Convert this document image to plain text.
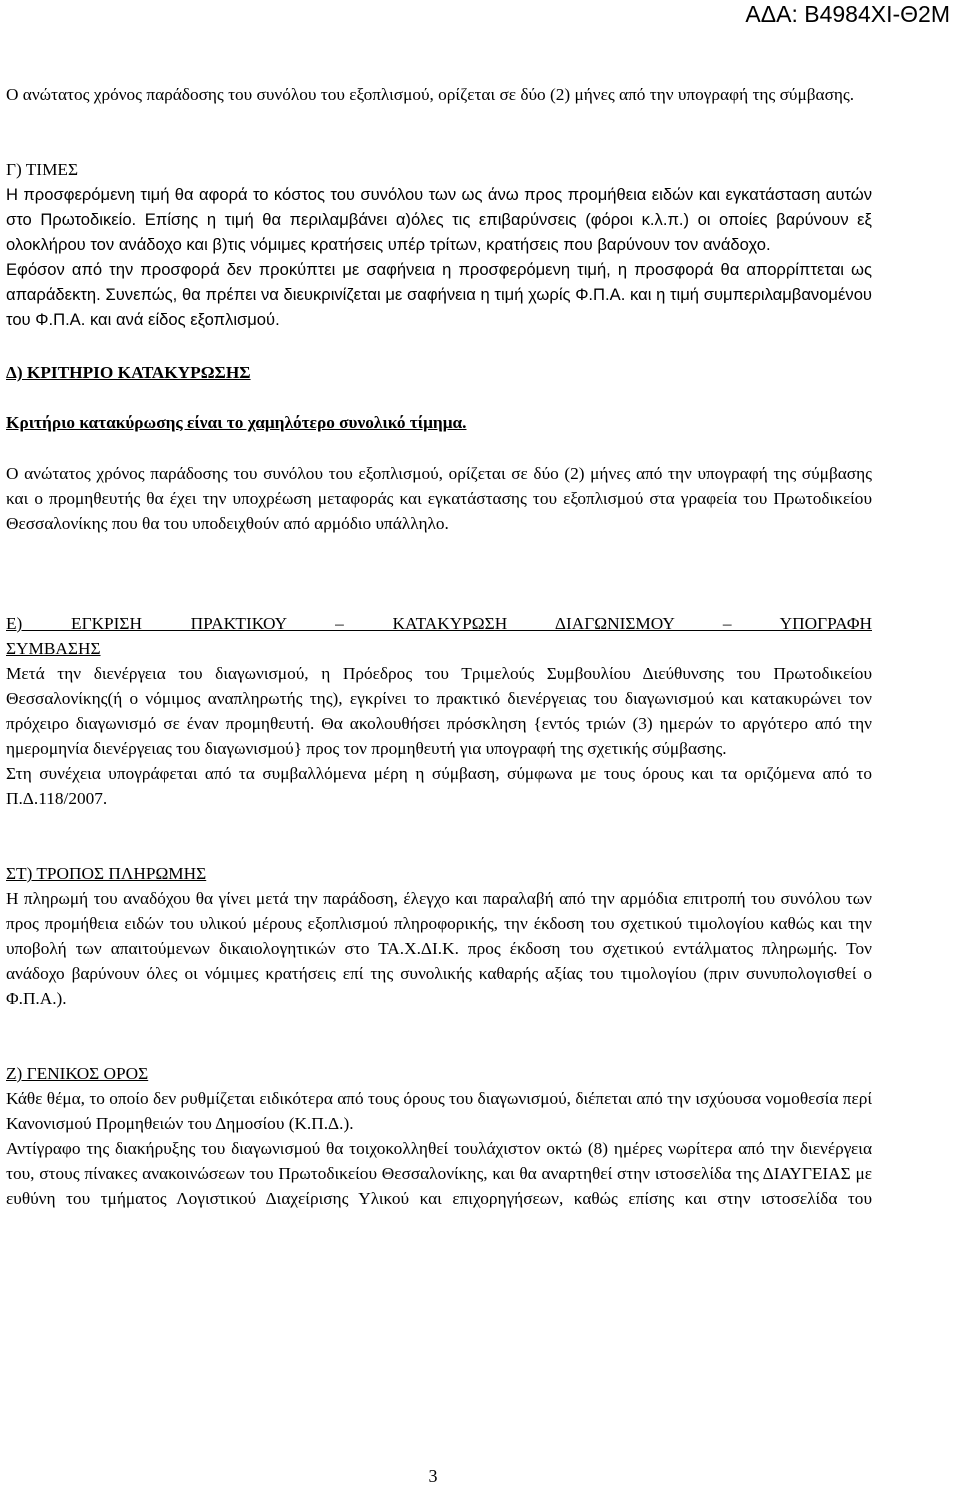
ΑΔΑ: Β4984ΧΙ-Θ2Μ

Ο ανώτατος χρόνος παράδοσης του συνόλου του εξοπλισμού, ορίζεται σε δύο (2) μήνες από την υπογραφή της σύμβασης.

Γ) ΤΙΜΕΣ

Η προσφερόμενη τιμή θα αφορά το κόστος του συνόλου των ως άνω προς προμήθεια ειδών και εγκατάσταση αυτών στο Πρωτοδικείο. Επίσης η τιμή θα περιλαμβάνει α)όλες τις επιβαρύνσεις (φόροι κ.λ.π.) οι οποίες βαρύνουν εξ ολοκλήρου τον ανάδοχο και β)τις νόμιμες κρατήσεις υπέρ τρίτων, κρατήσεις που βαρύνουν τον ανάδοχο.

Εφόσον από την προσφορά δεν προκύπτει με σαφήνεια η προσφερόμενη τιμή, η προσφορά θα απορρίπτεται ως απαράδεκτη. Συνεπώς, θα πρέπει να διευκρινίζεται με σαφήνεια η τιμή χωρίς Φ.Π.Α. και η τιμή συμπεριλαμβανομένου του Φ.Π.Α. και ανά είδος εξοπλισμού.

Δ) ΚΡΙΤΗΡΙΟ ΚΑΤΑΚΥΡΩΣΗΣ

Κριτήριο κατακύρωσης είναι το χαμηλότερο συνολικό τίμημα.

Ο ανώτατος χρόνος παράδοσης του συνόλου του εξοπλισμού, ορίζεται σε δύο (2) μήνες από την υπογραφή της σύμβασης και ο προμηθευτής θα έχει την υποχρέωση μεταφοράς και εγκατάστασης του εξοπλισμού στα γραφεία του Πρωτοδικείου Θεσσαλονίκης που θα του υποδειχθούν από αρμόδιο υπάλληλο.

Ε) ΕΓΚΡΙΣΗ ΠΡΑΚΤΙΚΟΥ – ΚΑΤΑΚΥΡΩΣΗ ΔΙΑΓΩΝΙΣΜΟΥ – ΥΠΟΓΡΑΦΗ

ΣΥΜΒΑΣΗΣ

Μετά την διενέργεια του διαγωνισμού, η Πρόεδρος του Τριμελούς Συμβουλίου Διεύθυνσης του Πρωτοδικείου Θεσσαλονίκης(ή ο νόμιμος αναπληρωτής της), εγκρίνει το πρακτικό διενέργειας του διαγωνισμού και κατακυρώνει τον πρόχειρο διαγωνισμό σε έναν προμηθευτή. Θα ακολουθήσει πρόσκληση {εντός τριών (3) ημερών το αργότερο από την ημερομηνία διενέργειας του διαγωνισμού} προς τον προμηθευτή για υπογραφή της σχετικής σύμβασης.

Στη συνέχεια υπογράφεται από τα συμβαλλόμενα μέρη η σύμβαση, σύμφωνα με τους όρους και τα οριζόμενα από το Π.Δ.118/2007.

ΣΤ) ΤΡΟΠΟΣ ΠΛΗΡΩΜΗΣ

Η πληρωμή του αναδόχου θα γίνει μετά την παράδοση, έλεγχο και παραλαβή από την αρμόδια επιτροπή του συνόλου των προς προμήθεια ειδών του υλικού μέρους εξοπλισμού πληροφορικής, την έκδοση του σχετικού τιμολογίου καθώς και την υποβολή των απαιτούμενων δικαιολογητικών στο ΤΑ.Χ.ΔΙ.Κ. προς έκδοση του σχετικού εντάλματος πληρωμής. Τον ανάδοχο βαρύνουν όλες οι νόμιμες κρατήσεις επί της συνολικής καθαρής αξίας του τιμολογίου (πριν συνυπολογισθεί ο Φ.Π.Α.).

Ζ) ΓΕΝΙΚΟΣ ΟΡΟΣ

Κάθε θέμα, το οποίο δεν ρυθμίζεται ειδικότερα από τους όρους του διαγωνισμού, διέπεται από την ισχύουσα νομοθεσία περί Κανονισμού Προμηθειών του Δημοσίου (Κ.Π.Δ.).

Αντίγραφο της διακήρυξης του διαγωνισμού θα τοιχοκολληθεί τουλάχιστον οκτώ (8) ημέρες νωρίτερα από την διενέργεια του, στους πίνακες ανακοινώσεων του Πρωτοδικείου Θεσσαλονίκης, και θα αναρτηθεί στην ιστοσελίδα της ΔΙΑΥΓΕΙΑΣ με ευθύνη του τμήματος Λογιστικού Διαχείρισης Υλικού και επιχορηγήσεων, καθώς επίσης και στην ιστοσελίδα του

3
